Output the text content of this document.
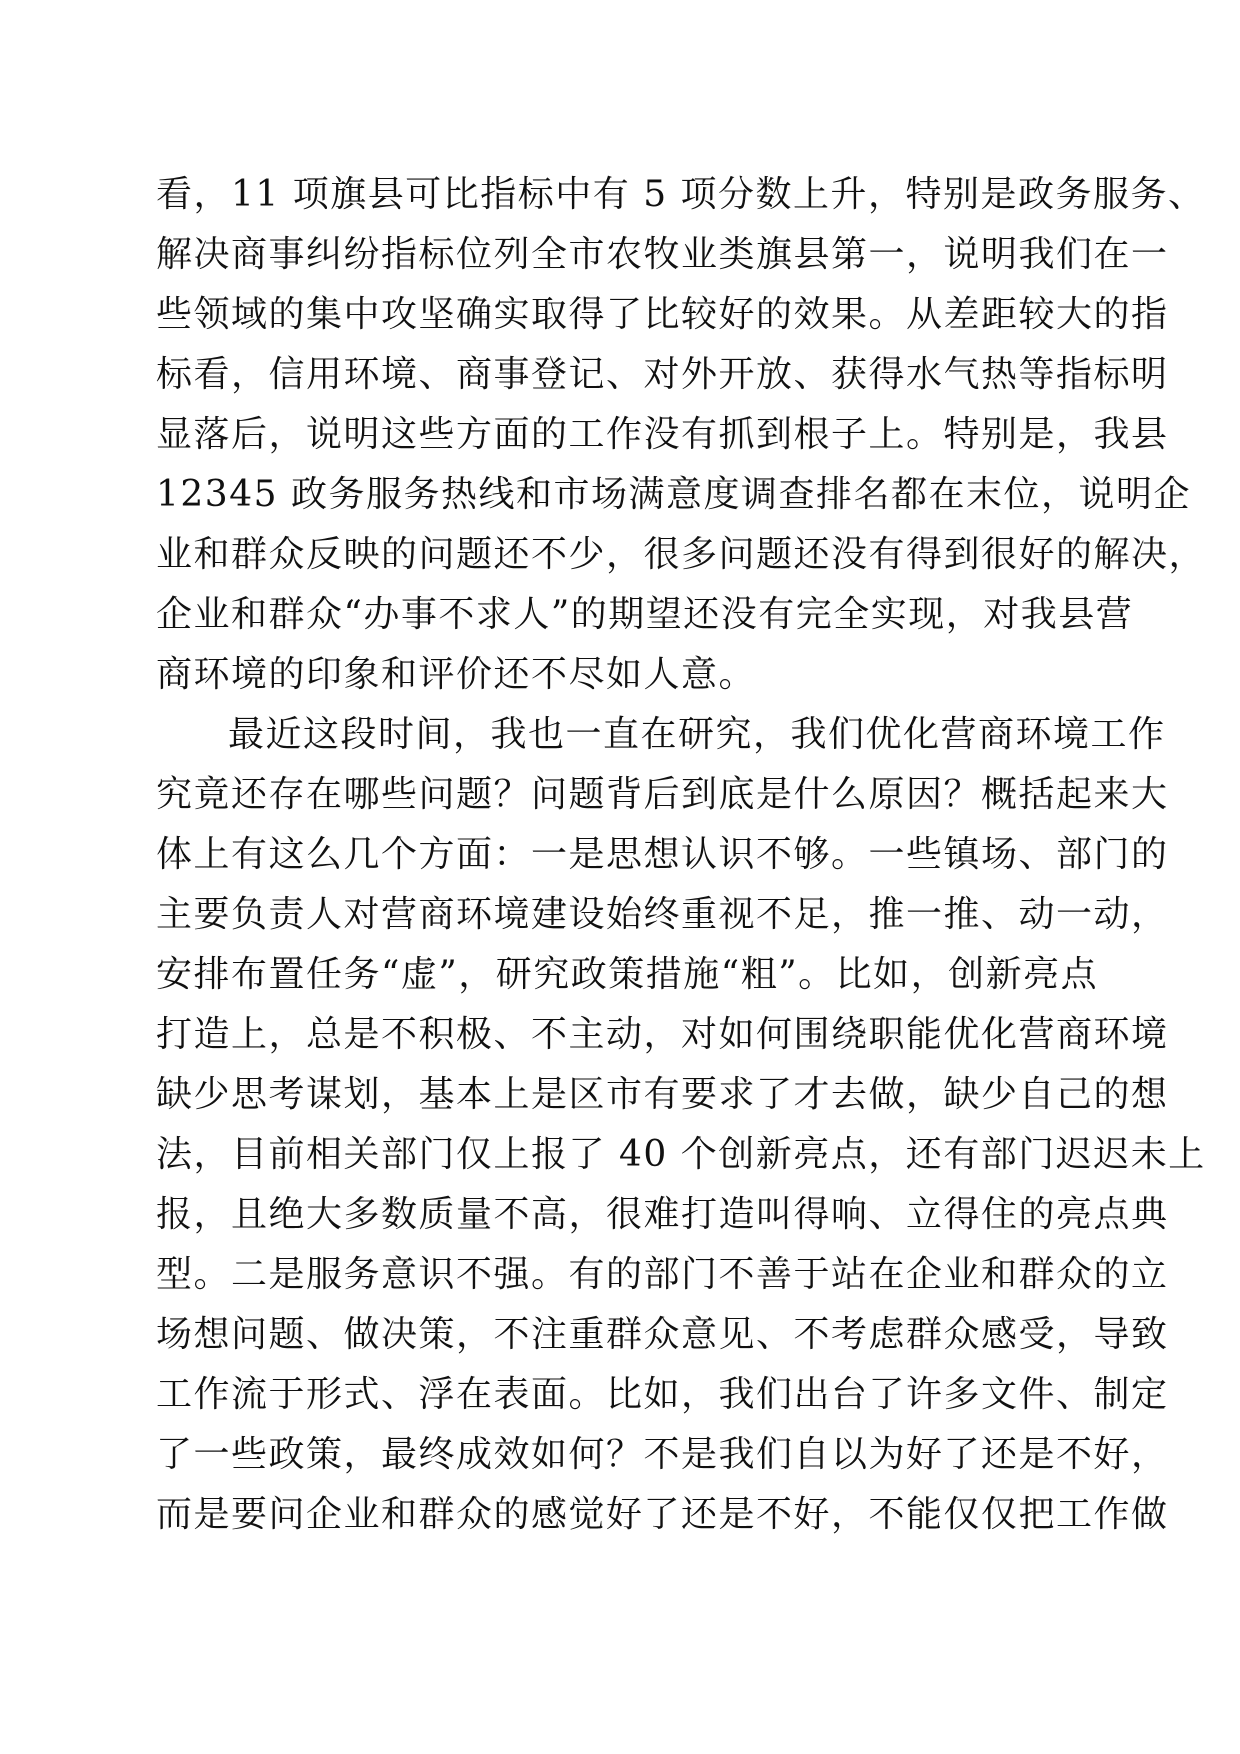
看，11 项旗县可比指标中有 5 项分数上升，特别是政务服务、
解决商事纠纷指标位列全市农牧业类旗县第一，说明我们在一
些领域的集中攻坚确实取得了比较好的效果。从差距较大的指
标看，信用环境、商事登记、对外开放、获得水气热等指标明
显落后，说明这些方面的工作没有抓到根子上。特别是，我县
12345 政务服务热线和市场满意度调查排名都在末位，说明企
业和群众反映的问题还不少，很多问题还没有得到很好的解决，
企业和群众“办事不求人”的期望还没有完全实现，对我县营
商环境的印象和评价还不尽如人意。
最近这段时间，我也一直在研究，我们优化营商环境工作
究竟还存在哪些问题？问题背后到底是什么原因？概括起来大
体上有这么几个方面：一是思想认识不够。一些镇场、部门的
主要负责人对营商环境建设始终重视不足，推一推、动一动，
安排布置任务“虚”，研究政策措施“粗”。比如，创新亮点
打造上，总是不积极、不主动，对如何围绕职能优化营商环境
缺少思考谋划，基本上是区市有要求了才去做，缺少自己的想
法，目前相关部门仅上报了 40 个创新亮点，还有部门迟迟未上
报，且绝大多数质量不高，很难打造叫得响、立得住的亮点典
型。二是服务意识不强。有的部门不善于站在企业和群众的立
场想问题、做决策，不注重群众意见、不考虑群众感受，导致
工作流于形式、浮在表面。比如，我们出台了许多文件、制定
了一些政策，最终成效如何？不是我们自以为好了还是不好，
而是要问企业和群众的感觉好了还是不好，不能仅仅把工作做
